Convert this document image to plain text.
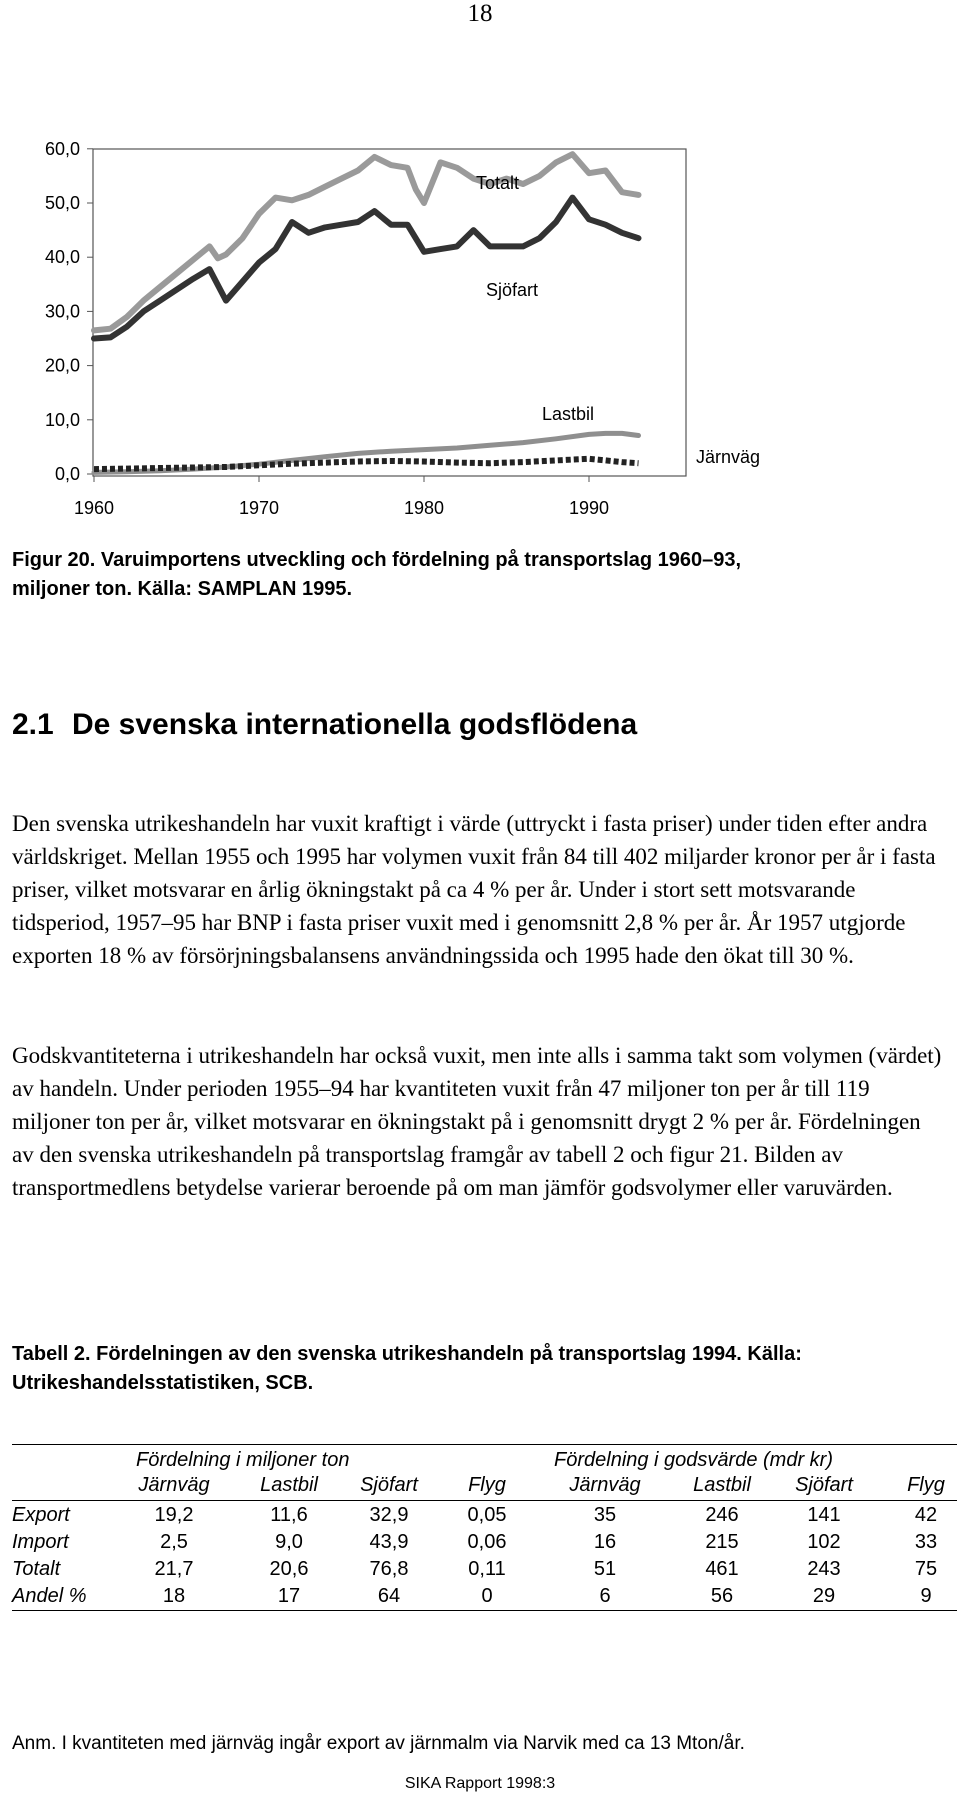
18
60,0
50,0
40,0
30,0
20,0
10,0
0,0
1960	1970	1980	1990
Totalt
Sjöfart
Lastbil
Järnväg
Figur 20. Varuimportens utveckling och fördelning på transportslag 1960–93,
miljoner ton. Källa: SAMPLAN 1995.
2.1 De svenska internationella godsflödena

Den svenska utrikeshandeln har vuxit kraftigt i värde (uttryckt i fasta priser) under tiden efter andra världskriget. Mellan 1955 och 1995 har volymen vuxit från 84 till 402 miljarder kronor per år i fasta priser, vilket motsvarar en årlig ökningstakt på ca 4 % per år. Under i stort sett motsvarande tidsperiod, 1957–95 har BNP i fasta priser vuxit med i genomsnitt 2,8 % per år. År 1957 utgjorde exporten 18 % av försörjningsbalansens användningssida och 1995 hade den ökat till 30 %.

Godskvantiteterna i utrikeshandeln har också vuxit, men inte alls i samma takt som volymen (värdet) av handeln. Under perioden 1955–94 har kvantiteten vuxit från 47 miljoner ton per år till 119 miljoner ton per år, vilket motsvarar en ökningstakt på i genomsnitt drygt 2 % per år. Fördelningen av den svenska utrikeshandeln på transportslag framgår av tabell 2 och figur 21. Bilden av transportmedlens betydelse varierar beroende på om man jämför godsvolymer eller varuvärden.

Tabell 2. Fördelningen av den svenska utrikeshandeln på transportslag 1994. Källa:
Utrikeshandelsstatistiken, SCB.
Fördelning i miljoner ton	Fördelning i godsvärde (mdr kr)
Järnväg	Lastbil	Sjöfart	Flyg	Järnväg	Lastbil	Sjöfart	Flyg
Export	19,2	11,6	32,9	0,05	35	246	141	42
Import	2,5	9,0	43,9	0,06	16	215	102	33
Totalt	21,7	20,6	76,8	0,11	51	461	243	75
Andel %	18	17	64	0	6	56	29	9
Anm. I kvantiteten med järnväg ingår export av järnmalm via Narvik med ca 13 Mton/år.
SIKA Rapport 1998:3
